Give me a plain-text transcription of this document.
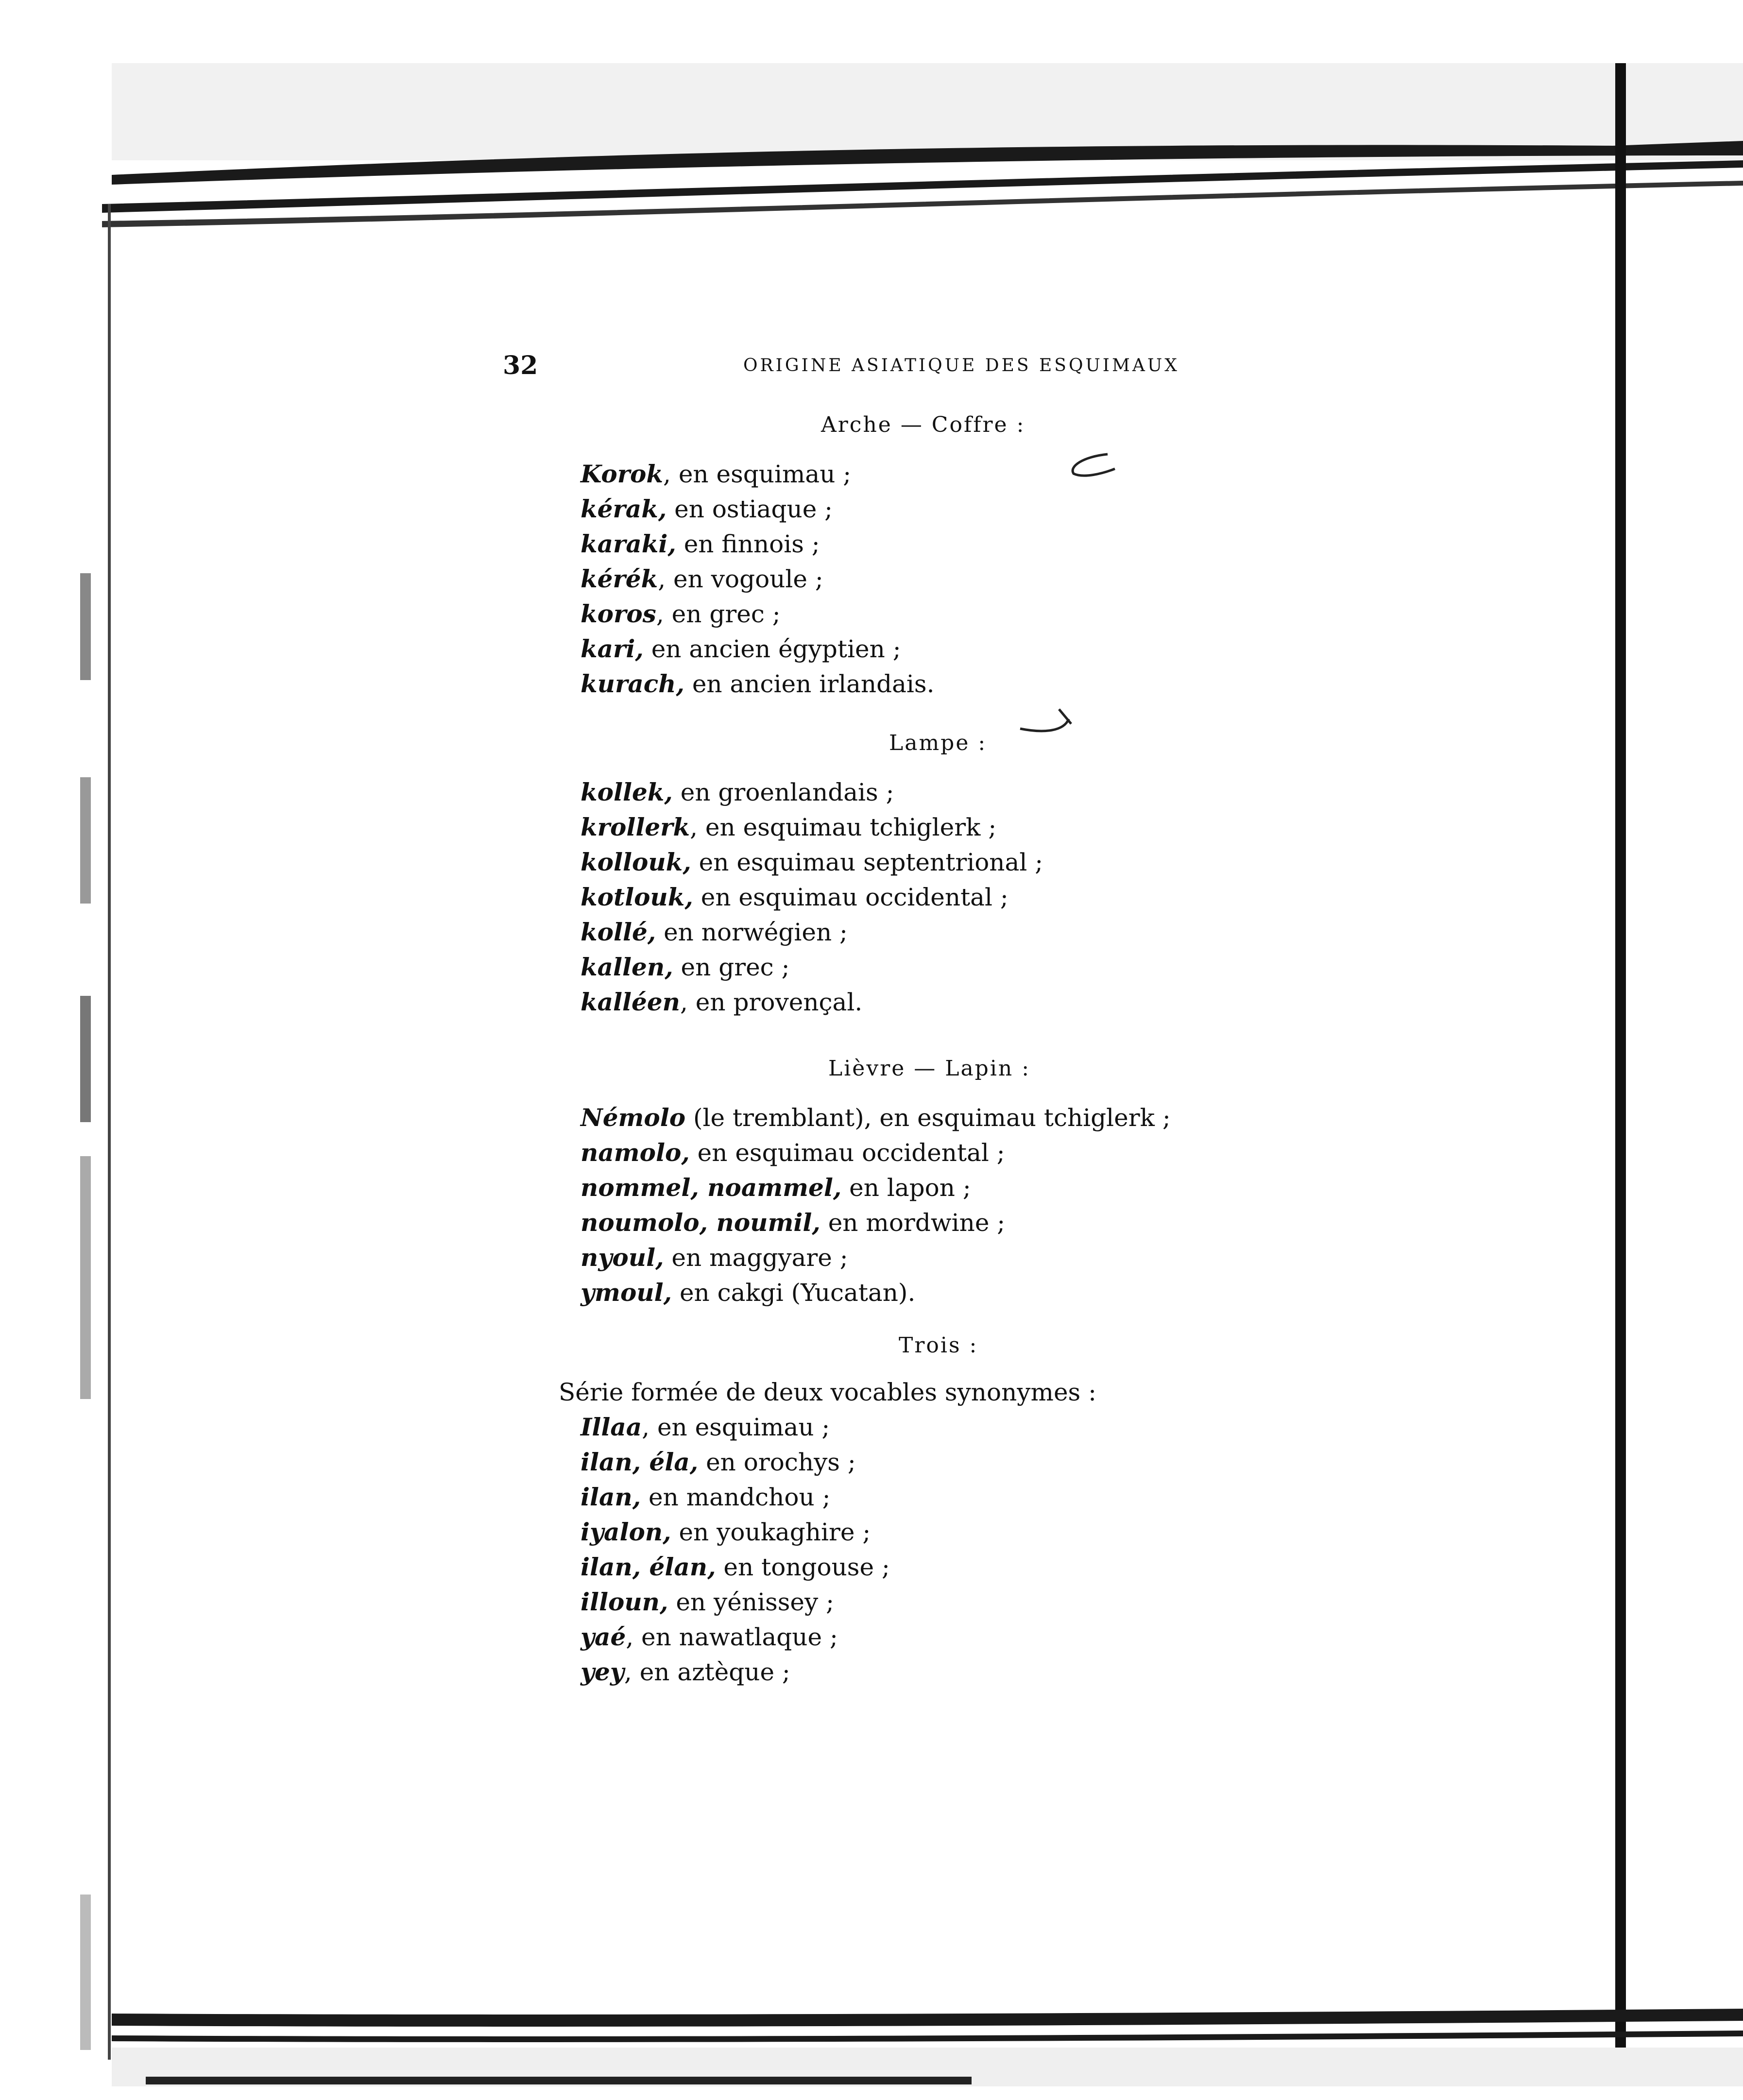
32	ORIGINE ASIATIQUE DES ESQUIMAUX
Arche — Coffre :
Korok, en esquimau ;
kérak, en ostiaque ;
karaki, en finnois ;
kérék, en vogoule ;
koros, en grec ;
kari, en ancien égyptien ;
kurach, en ancien irlandais.
Lampe :
kollek, en groenlandais ;
krollerk, en esquimau tchiglerk ;
kollouk, en esquimau septentrional ;
kotlouk, en esquimau occidental ;
kollé, en norwégien ;
kallen, en grec ;
kalléen, en provençal.
Lièvre — Lapin :
Némolo (le tremblant), en esquimau tchiglerk ;
namolo, en esquimau occidental ;
nommel, noammel, en lapon ;
noumolo, noumil, en mordwine ;
nyoul, en maggyare ;
ymoul, en cakgi (Yucatan).
Trois :
Série formée de deux vocables synonymes :
Illaa, en esquimau ;
ilan, éla, en orochys ;
ilan, en mandchou ;
iyalon, en youkaghire ;
ilan, élan, en tongouse ;
illoun, en yénissey ;
yaé, en nawatlaque ;
yey, en aztèque ;
